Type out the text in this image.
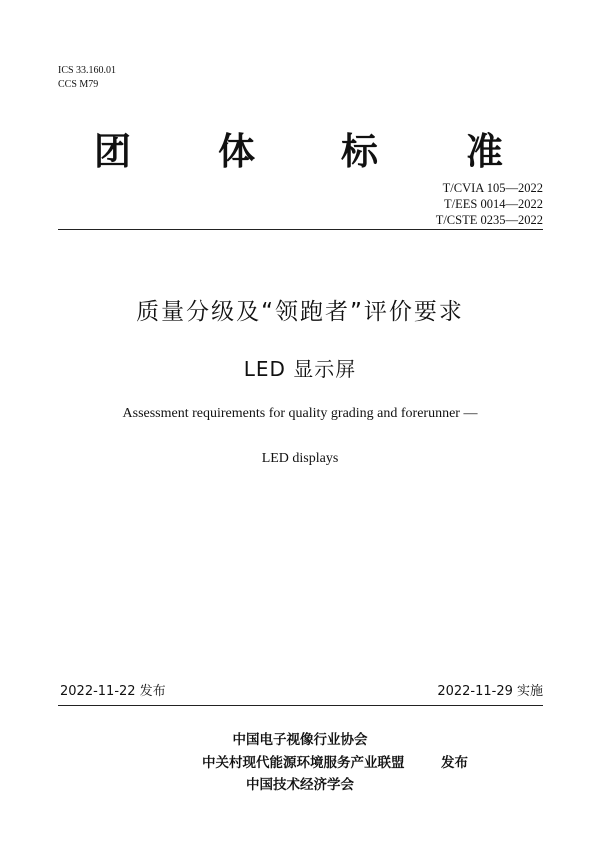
ICS 33.160.01
CCS M79
团 体 标 准
T/CVIA 105—2022
T/EES 0014—2022
T/CSTE 0235—2022
质量分级及“领跑者”评价要求
LED 显示屏
Assessment requirements for quality grading and forerunner —
LED displays
2022-11-22 发布	2022-11-29 实施
中国电子视像行业协会
中关村现代能源环境服务产业联盟	发布
中国技术经济学会
